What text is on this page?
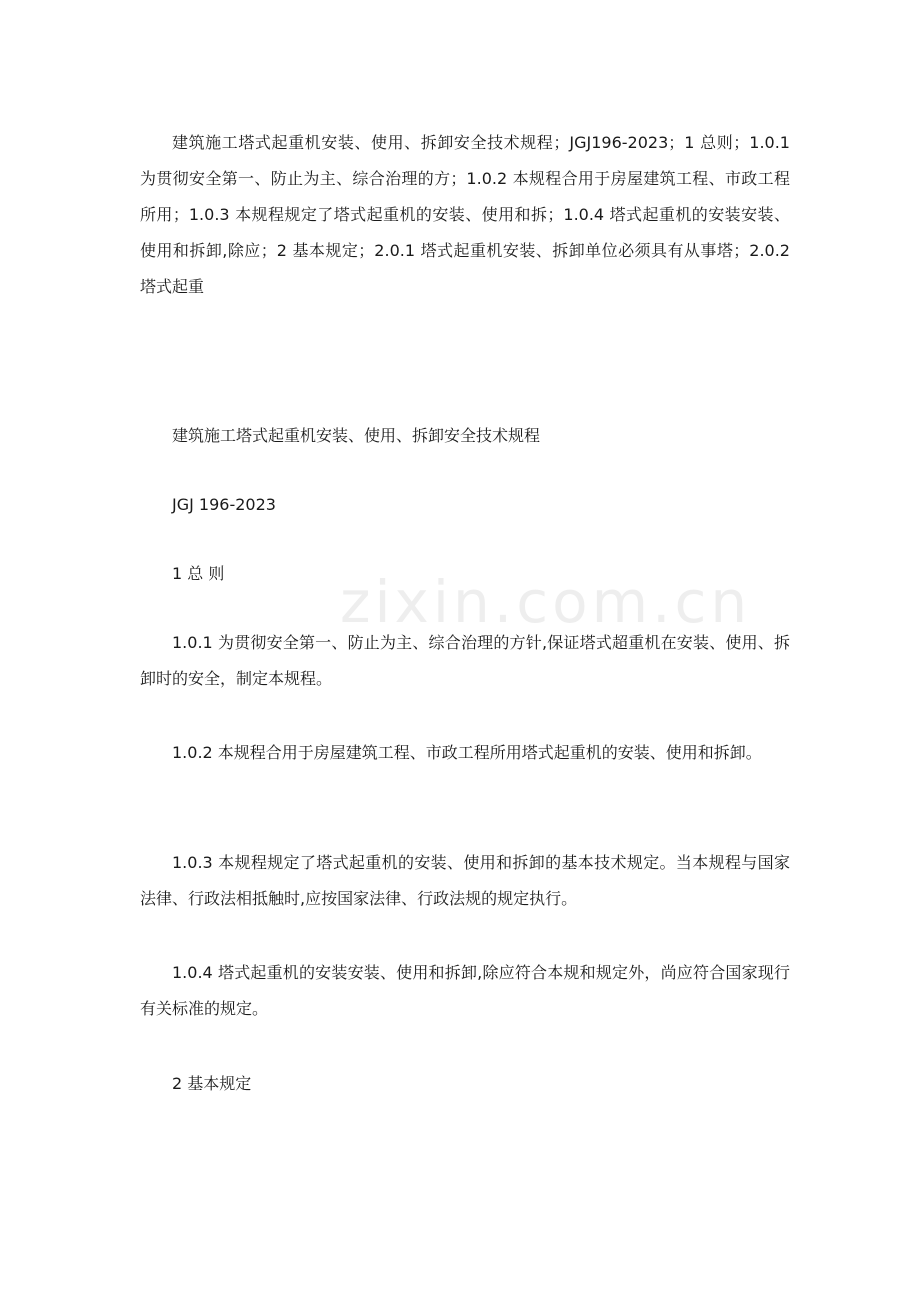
建筑施工塔式起重机安装、使用、拆卸安全技术规程；JGJ196-2023；1 总则；1.0.1 为贯彻安全第一、防止为主、综合治理的方；1.0.2 本规程合用于房屋建筑工程、市政工程所用；1.0.3 本规程规定了塔式起重机的安装、使用和拆；1.0.4 塔式起重机的安装安装、使用和拆卸,除应；2 基本规定；2.0.1 塔式起重机安装、拆卸单位必须具有从事塔；2.0.2 塔式起重

建筑施工塔式起重机安装、使用、拆卸安全技术规程

JGJ 196-2023

1 总 则

1.0.1 为贯彻安全第一、防止为主、综合治理的方针,保证塔式超重机在安装、使用、拆卸时的安全，制定本规程。

1.0.2 本规程合用于房屋建筑工程、市政工程所用塔式起重机的安装、使用和拆卸。

1.0.3 本规程规定了塔式起重机的安装、使用和拆卸的基本技术规定。当本规程与国家法律、行政法相抵触时,应按国家法律、行政法规的规定执行。

1.0.4 塔式起重机的安装安装、使用和拆卸,除应符合本规和规定外，尚应符合国家现行有关标准的规定。

2 基本规定

zixin.com.cn
